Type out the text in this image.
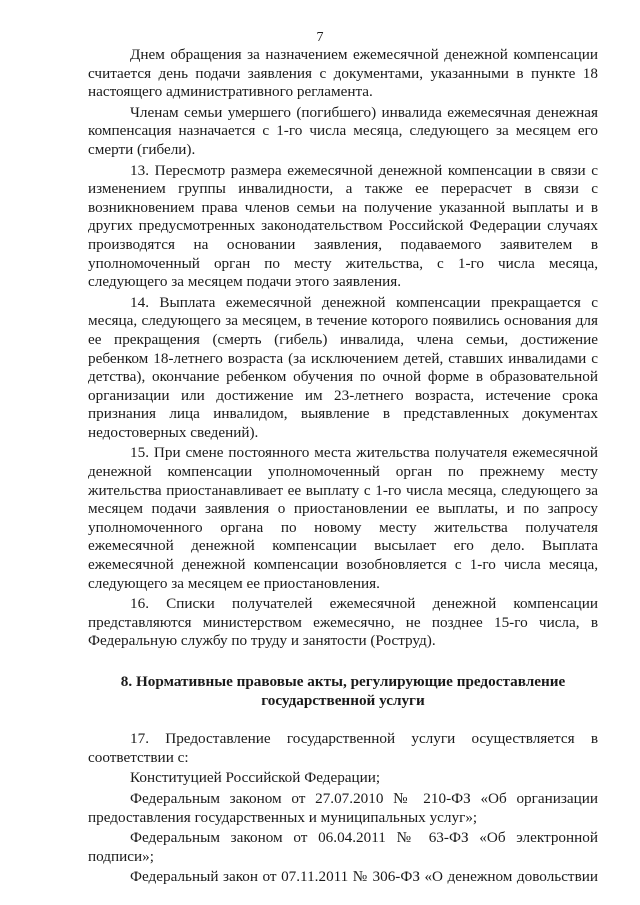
7

Днем обращения за назначением ежемесячной денежной компенсации считается день подачи заявления с документами, указанными в пункте 18 настоящего административного регламента.

Членам семьи умершего (погибшего) инвалида ежемесячная денежная компенсация назначается с 1-го числа месяца, следующего за месяцем его смерти (гибели).

13. Пересмотр размера ежемесячной денежной компенсации в связи с изменением группы инвалидности, а также ее перерасчет в связи с возникновением права членов семьи на получение указанной выплаты и в других предусмотренных законодательством Российской Федерации случаях производятся на основании заявления, подаваемого заявителем в уполномоченный орган по месту жительства, с 1-го числа месяца, следующего за месяцем подачи этого заявления.

14. Выплата ежемесячной денежной компенсации прекращается с месяца, следующего за месяцем, в течение которого появились основания для ее прекращения (смерть (гибель) инвалида, члена семьи, достижение ребенком 18-летнего возраста (за исключением детей, ставших инвалидами с детства), окончание ребенком обучения по очной форме в образовательной организации или достижение им 23-летнего возраста, истечение срока признания лица инвалидом, выявление в представленных документах недостоверных сведений).

15. При смене постоянного места жительства получателя ежемесячной денежной компенсации уполномоченный орган по прежнему месту жительства приостанавливает ее выплату с 1-го числа месяца, следующего за месяцем подачи заявления о приостановлении ее выплаты, и по запросу уполномоченного органа по новому месту жительства получателя ежемесячной денежной компенсации высылает его дело. Выплата ежемесячной денежной компенсации возобновляется с 1-го числа месяца, следующего за месяцем ее приостановления.

16. Списки получателей ежемесячной денежной компенсации представляются министерством ежемесячно, не позднее 15-го числа, в Федеральную службу по труду и занятости (Роструд).

8. Нормативные правовые акты, регулирующие предоставление государственной услуги

17. Предоставление государственной услуги осуществляется в соответствии с:

Конституцией Российской Федерации;

Федеральным законом от 27.07.2010 № 210-ФЗ «Об организации предоставления государственных и муниципальных услуг»;

Федеральным законом от 06.04.2011 № 63-ФЗ «Об электронной подписи»;

Федеральный закон от 07.11.2011 № 306-ФЗ «О денежном довольствии
